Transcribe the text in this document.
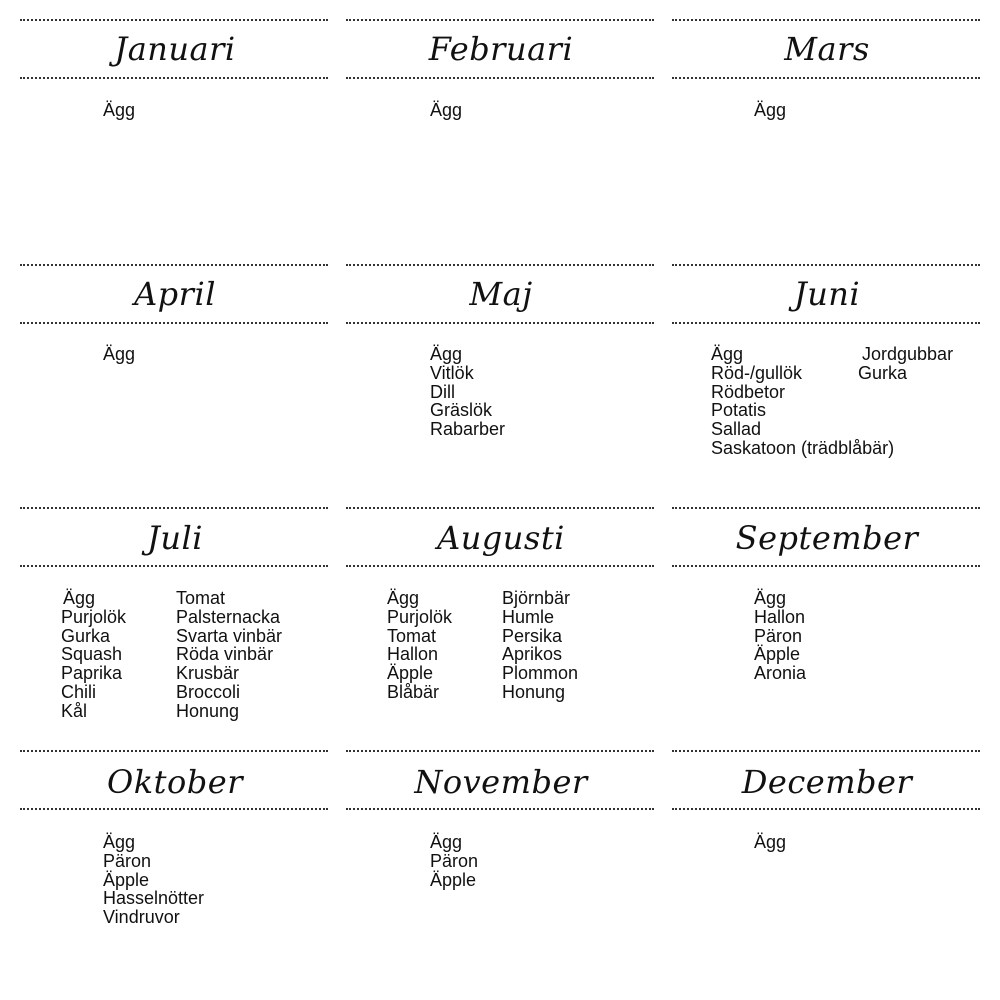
Januari
Ägg
Februari
Ägg
Mars
Ägg
April
Ägg
Maj
Ägg
Vitlök
Dill
Gräslök
Rabarber
Juni
Ägg
Röd-/gullök
Rödbetor
Potatis
Sallad
Saskatoon (trädblåbär)
Jordgubbar
Gurka
Juli
Ägg
Purjolök
Gurka
Squash
Paprika
Chili
Kål
Tomat
Palsternacka
Svarta vinbär
Röda vinbär
Krusbär
Broccoli
Honung
Augusti
Ägg
Purjolök
Tomat
Hallon
Äpple
Blåbär
Björnbär
Humle
Persika
Aprikos
Plommon
Honung
September
Ägg
Hallon
Päron
Äpple
Aronia
Oktober
Ägg
Päron
Äpple
Hasselnötter
Vindruvor
November
Ägg
Päron
Äpple
December
Ägg
